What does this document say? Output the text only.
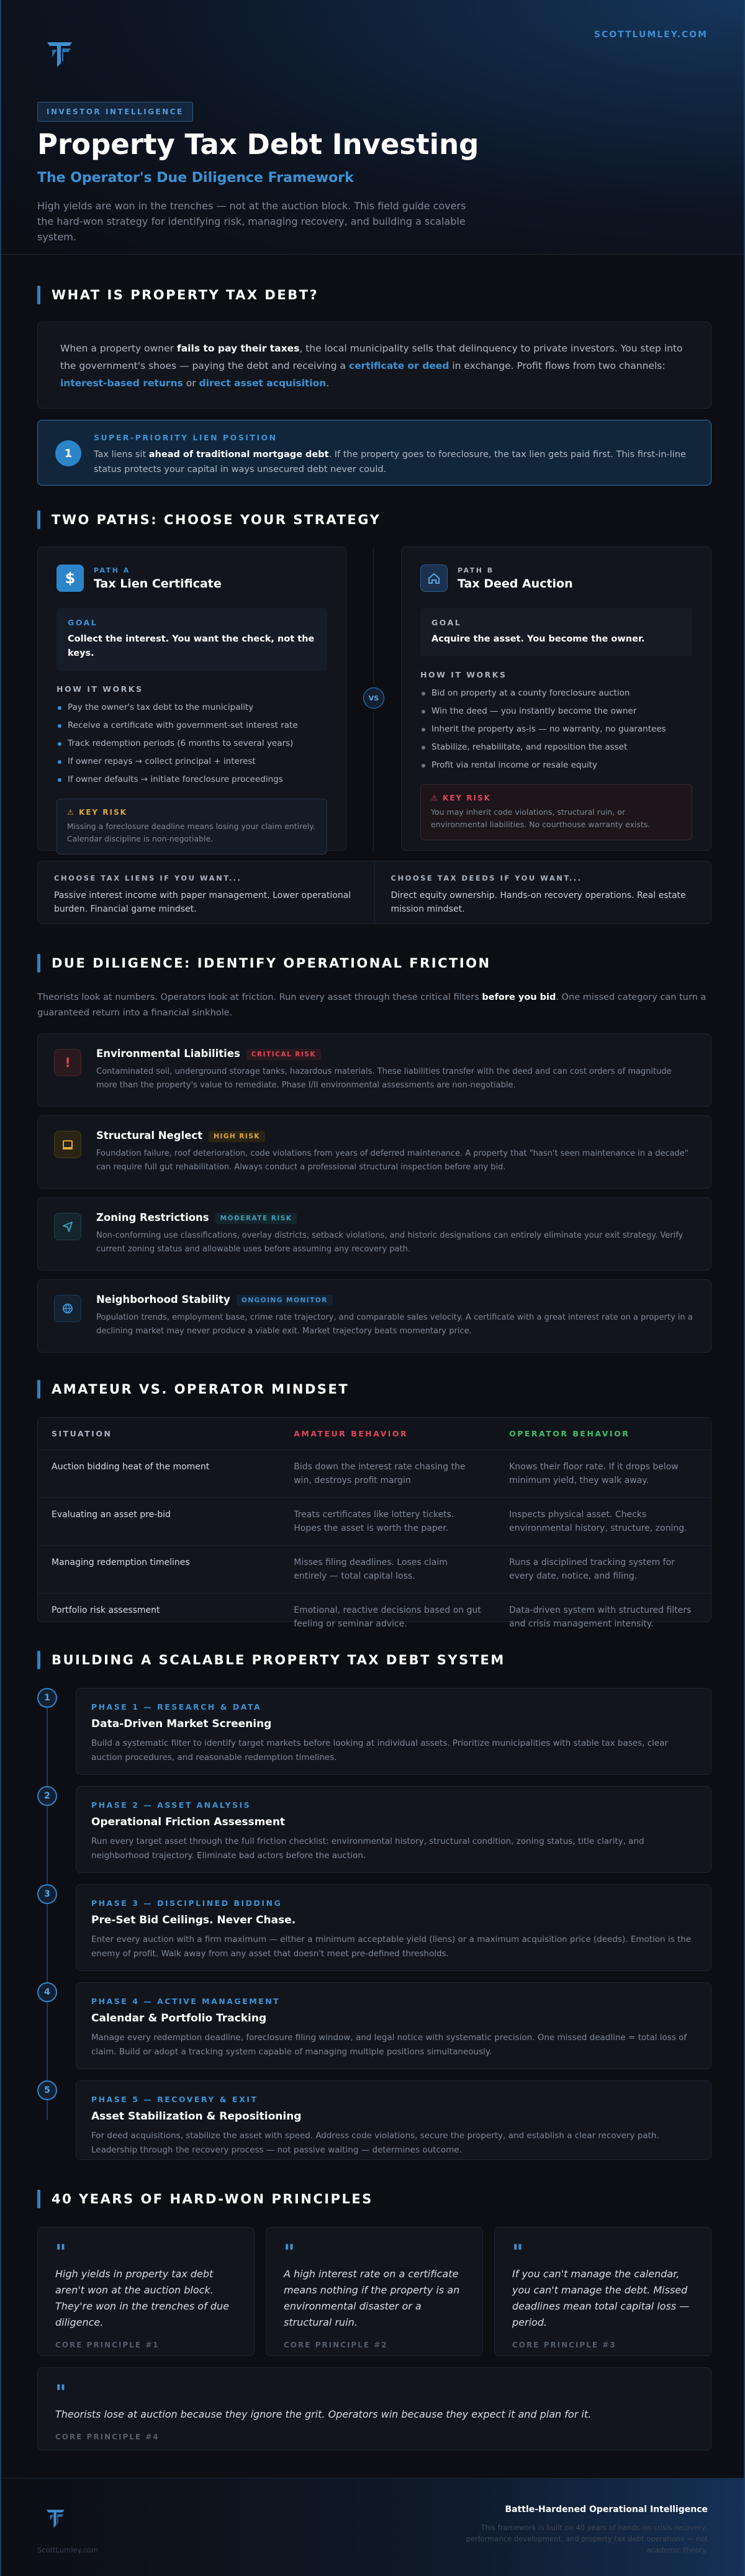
SCOTTLUMLEY.COM
INVESTOR INTELLIGENCE
Property Tax Debt Investing
The Operator's Due Diligence Framework

High yields are won in the trenches — not at the auction block. This field guide covers the hard-won strategy for identifying risk, managing recovery, and building a scalable system.

WHAT IS PROPERTY TAX DEBT?

When a property owner fails to pay their taxes, the local municipality sells that delinquency to private investors. You step into the government's shoes — paying the debt and receiving a certificate or deed in exchange. Profit flows from two channels: interest-based returns or direct asset acquisition.

1
SUPER-PRIORITY LIEN POSITION

Tax liens sit ahead of traditional mortgage debt. If the property goes to foreclosure, the tax lien gets paid first. This first-in-line status protects your capital in ways unsecured debt never could.

TWO PATHS: CHOOSE YOUR STRATEGY
$	PATH A
Tax Lien Certificate
GOAL
Collect the interest. You want the check, not the keys.
HOW IT WORKS
Pay the owner's tax debt to the municipality
Receive a certificate with government-set interest rate
Track redemption periods (6 months to several years)
If owner repays → collect principal + interest
If owner defaults → initiate foreclosure proceedings
⚠ KEY RISK
Missing a foreclosure deadline means losing your claim entirely. Calendar discipline is non-negotiable.
VS
PATH B
Tax Deed Auction
GOAL
Acquire the asset. You become the owner.
HOW IT WORKS
Bid on property at a county foreclosure auction
Win the deed — you instantly become the owner
Inherit the property as-is — no warranty, no guarantees
Stabilize, rehabilitate, and reposition the asset
Profit via rental income or resale equity
⚠ KEY RISK
You may inherit code violations, structural ruin, or environmental liabilities. No courthouse warranty exists.
CHOOSE TAX LIENS IF YOU WANT...
Passive interest income with paper management. Lower operational burden. Financial game mindset.
CHOOSE TAX DEEDS IF YOU WANT...
Direct equity ownership. Hands-on recovery operations. Real estate mission mindset.
DUE DILIGENCE: IDENTIFY OPERATIONAL FRICTION

Theorists look at numbers. Operators look at friction. Run every asset through these critical filters before you bid. One missed category can turn a guaranteed return into a financial sinkhole.

!
Environmental Liabilities CRITICAL RISK
Contaminated soil, underground storage tanks, hazardous materials. These liabilities transfer with the deed and can cost orders of magnitude more than the property's value to remediate. Phase I/II environmental assessments are non-negotiable.
Structural Neglect HIGH RISK
Foundation failure, roof deterioration, code violations from years of deferred maintenance. A property that "hasn't seen maintenance in a decade" can require full gut rehabilitation. Always conduct a professional structural inspection before any bid.
Zoning Restrictions MODERATE RISK
Non-conforming use classifications, overlay districts, setback violations, and historic designations can entirely eliminate your exit strategy. Verify current zoning status and allowable uses before assuming any recovery path.
Neighborhood Stability ONGOING MONITOR
Population trends, employment base, crime rate trajectory, and comparable sales velocity. A certificate with a great interest rate on a property in a declining market may never produce a viable exit. Market trajectory beats momentary price.
AMATEUR VS. OPERATOR MINDSET
SITUATION	AMATEUR BEHAVIOR	OPERATOR BEHAVIOR
Auction bidding heat of the moment	Bids down the interest rate chasing the win, destroys profit margin	Knows their floor rate. If it drops below minimum yield, they walk away.
Evaluating an asset pre-bid	Treats certificates like lottery tickets. Hopes the asset is worth the paper.	Inspects physical asset. Checks environmental history, structure, zoning.
Managing redemption timelines	Misses filing deadlines. Loses claim entirely — total capital loss.	Runs a disciplined tracking system for every date, notice, and filing.
Portfolio risk assessment	Emotional, reactive decisions based on gut feeling or seminar advice.	Data-driven system with structured filters and crisis management intensity.
BUILDING A SCALABLE PROPERTY TAX DEBT SYSTEM
1
PHASE 1 — RESEARCH & DATA
Data-Driven Market Screening
Build a systematic filter to identify target markets before looking at individual assets. Prioritize municipalities with stable tax bases, clear auction procedures, and reasonable redemption timelines.
2
PHASE 2 — ASSET ANALYSIS
Operational Friction Assessment
Run every target asset through the full friction checklist: environmental history, structural condition, zoning status, title clarity, and neighborhood trajectory. Eliminate bad actors before the auction.
3
PHASE 3 — DISCIPLINED BIDDING
Pre-Set Bid Ceilings. Never Chase.
Enter every auction with a firm maximum — either a minimum acceptable yield (liens) or a maximum acquisition price (deeds). Emotion is the enemy of profit. Walk away from any asset that doesn't meet pre-defined thresholds.
4
PHASE 4 — ACTIVE MANAGEMENT
Calendar & Portfolio Tracking
Manage every redemption deadline, foreclosure filing window, and legal notice with systematic precision. One missed deadline = total loss of claim. Build or adopt a tracking system capable of managing multiple positions simultaneously.
5
PHASE 5 — RECOVERY & EXIT
Asset Stabilization & Repositioning
For deed acquisitions, stabilize the asset with speed. Address code violations, secure the property, and establish a clear recovery path. Leadership through the recovery process — not passive waiting — determines outcome.
40 YEARS OF HARD-WON PRINCIPLES
"
High yields in property tax debt aren't won at the auction block. They're won in the trenches of due diligence.
CORE PRINCIPLE #1
"
A high interest rate on a certificate means nothing if the property is an environmental disaster or a structural ruin.
CORE PRINCIPLE #2
"
If you can't manage the calendar, you can't manage the debt. Missed deadlines mean total capital loss — period.
CORE PRINCIPLE #3
"
Theorists lose at auction because they ignore the grit. Operators win because they expect it and plan for it.
CORE PRINCIPLE #4
ScottLumley.com
Battle-Hardened Operational Intelligence
This framework is built on 40 years of hands-on crisis recovery, performance development, and property tax debt operations — not academic theory.
